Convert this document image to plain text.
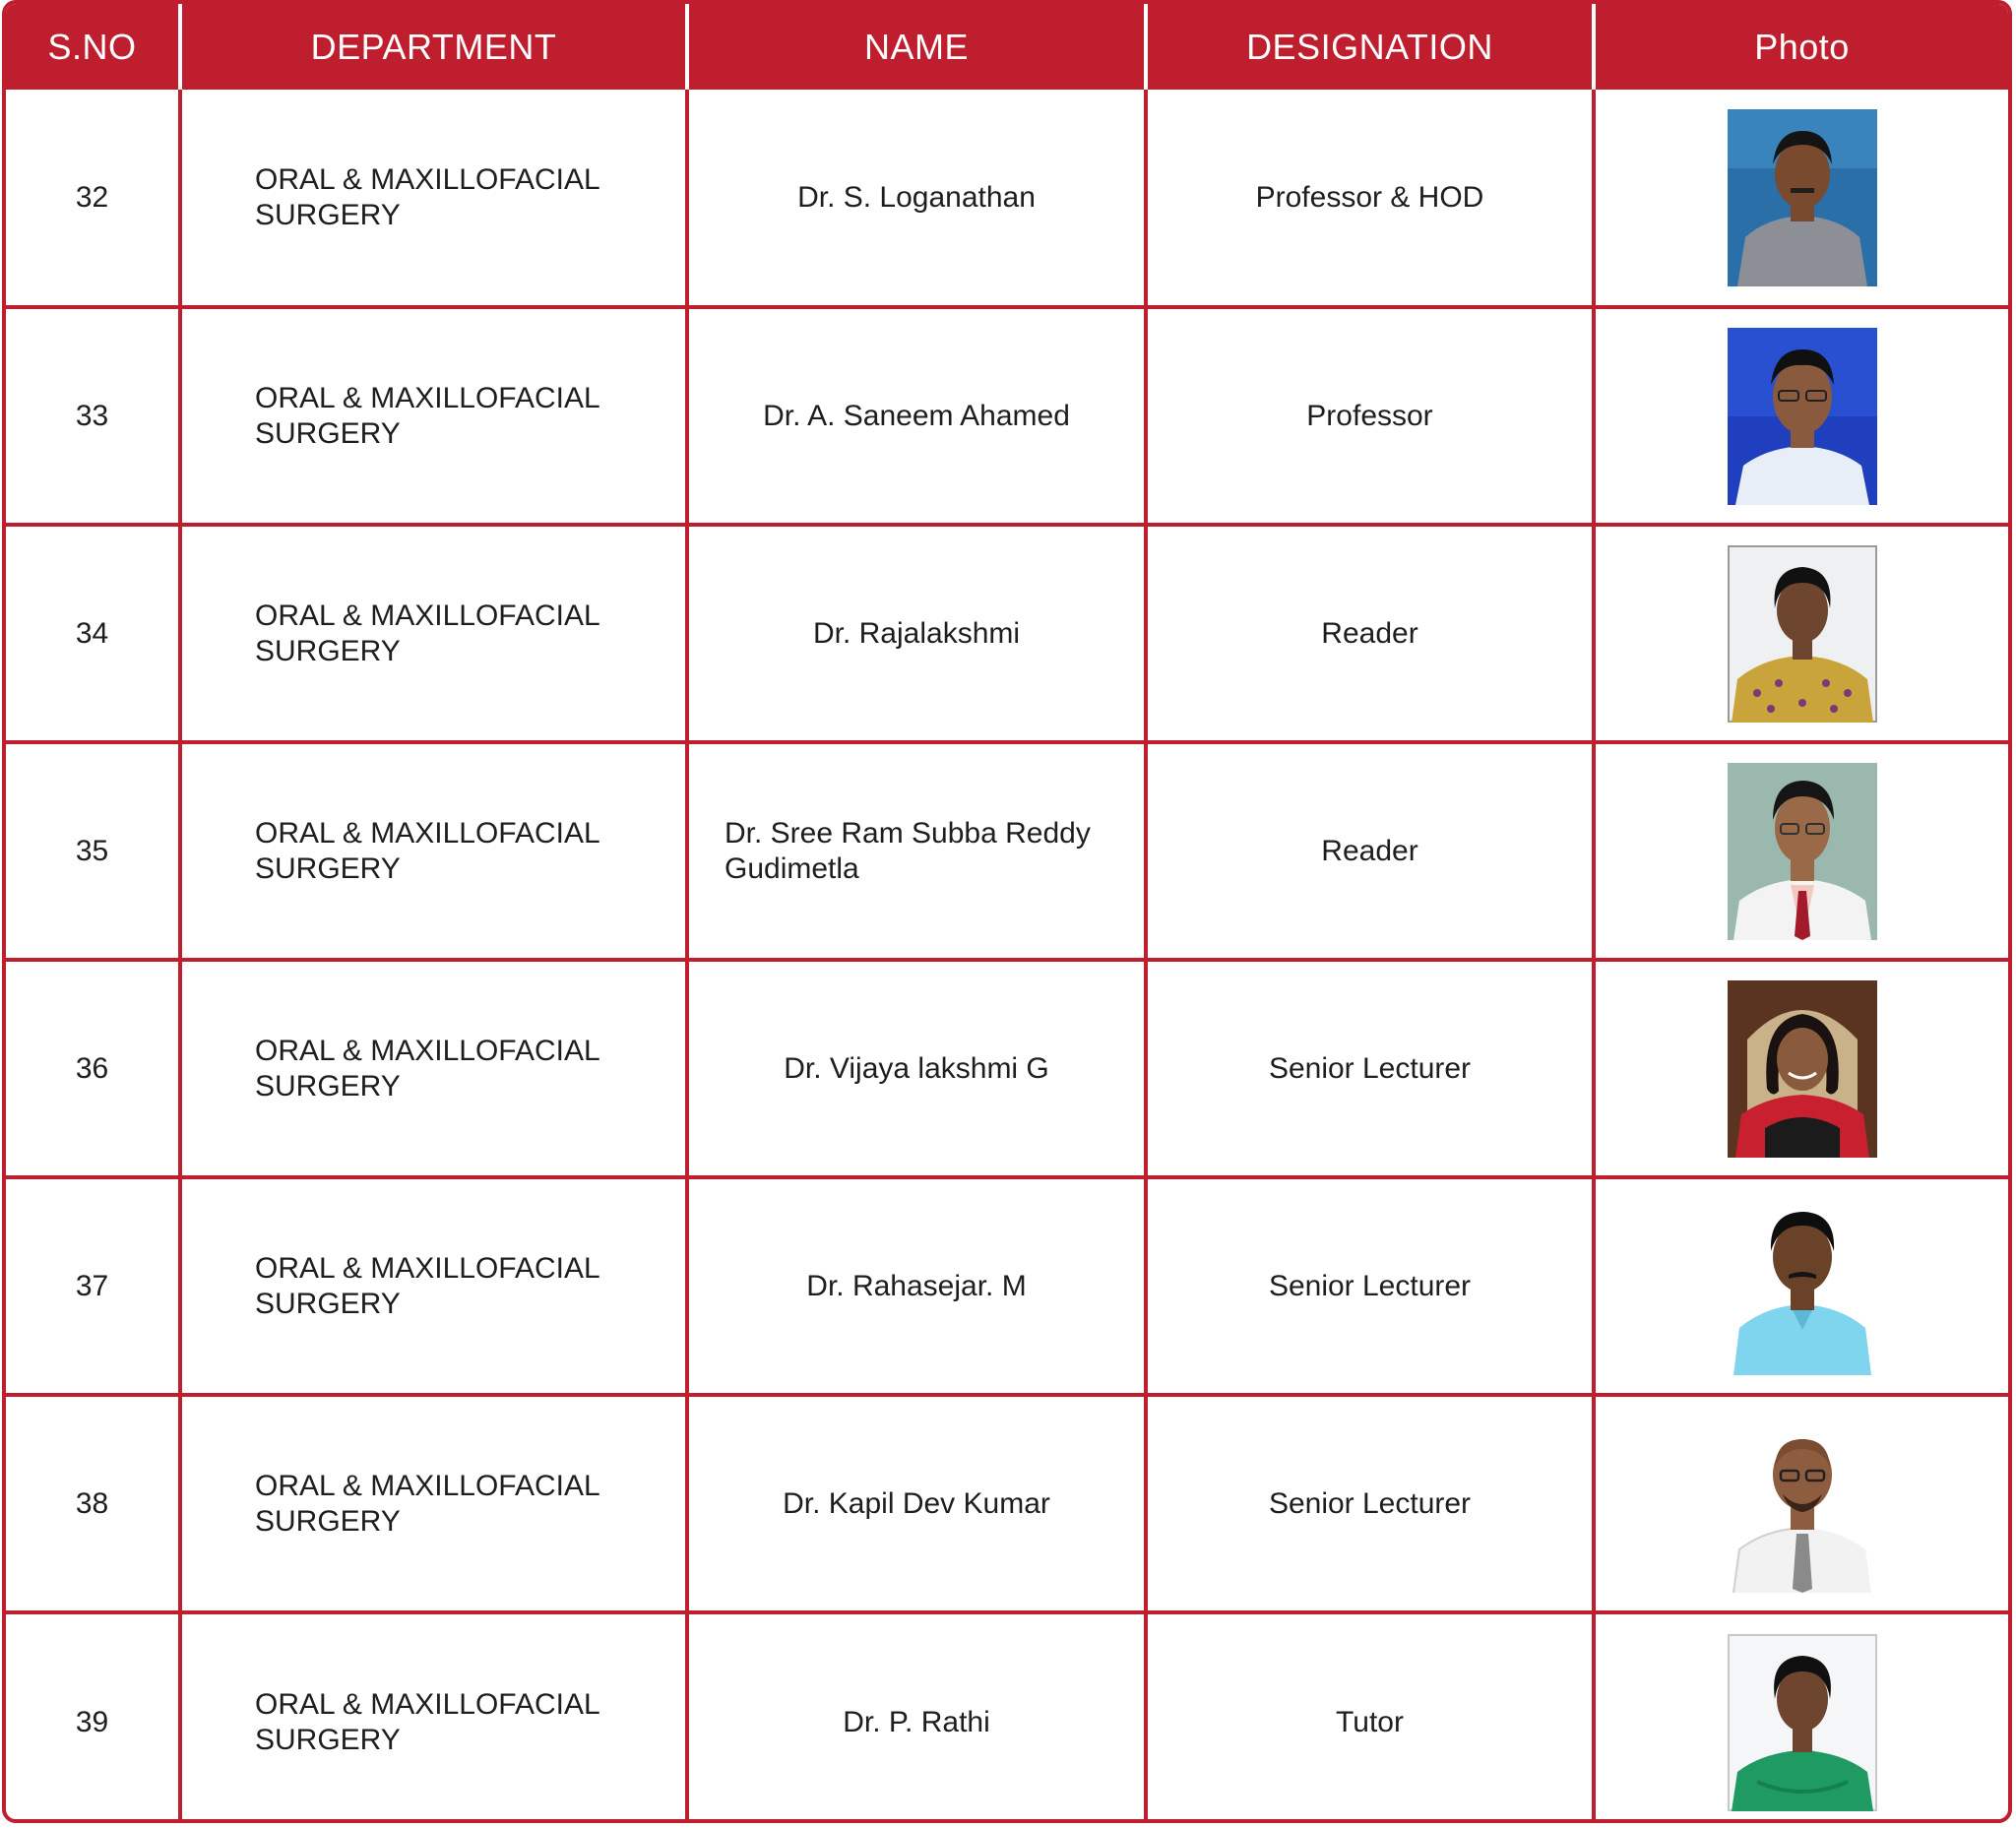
S.NO	DEPARTMENT	NAME	DESIGNATION	Photo
32	ORAL & MAXILLOFACIAL SURGERY	Dr. S. Loganathan	Professor & HOD	

33	ORAL & MAXILLOFACIAL SURGERY	Dr. A. Saneem Ahamed	Professor	

34	ORAL & MAXILLOFACIAL SURGERY	Dr. Rajalakshmi	Reader	

35	ORAL & MAXILLOFACIAL SURGERY	Dr. Sree Ram Subba Reddy Gudimetla	Reader	

36	ORAL & MAXILLOFACIAL SURGERY	Dr. Vijaya lakshmi G	Senior Lecturer	

37	ORAL & MAXILLOFACIAL SURGERY	Dr. Rahasejar. M	Senior Lecturer	

38	ORAL & MAXILLOFACIAL SURGERY	Dr. Kapil Dev Kumar	Senior Lecturer	

39	ORAL & MAXILLOFACIAL SURGERY	Dr. P. Rathi	Tutor	
